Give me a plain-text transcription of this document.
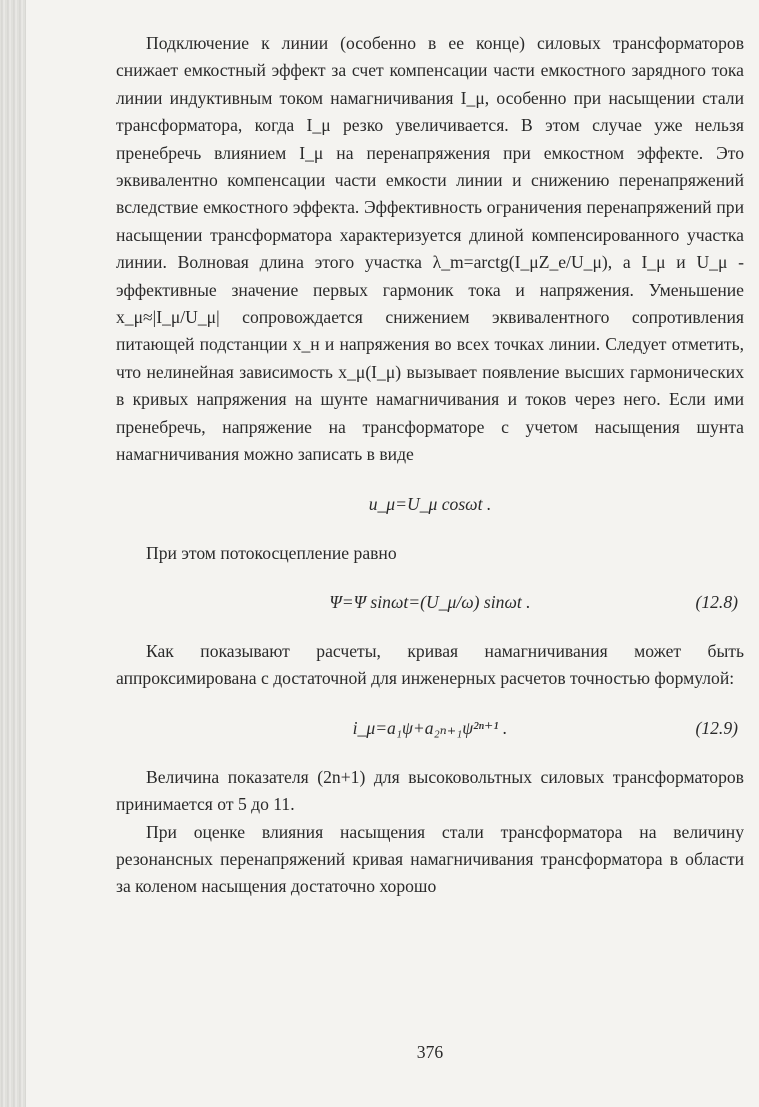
Подключение к линии (особенно в ее конце) силовых трансформаторов снижает емкостный эффект за счет компенсации части емкостного зарядного тока линии индуктивным током намагничивания I_μ, особенно при насыщении стали трансформатора, когда I_μ резко увеличивается. В этом случае уже нельзя пренебречь влиянием I_μ на перенапряжения при емкостном эффекте. Это эквивалентно компенсации части емкости линии и снижению перенапряжений вследствие емкостного эффекта. Эффективность ограничения перенапряжений при насыщении трансформатора характеризуется длиной компенсированного участка линии. Волновая длина этого участка λ_m=arctg(I_μZ_e/U_μ), а I_μ и U_μ - эффективные значение первых гармоник тока и напряжения. Уменьшение x_μ≈|I_μ/U_μ| сопровождается снижением эквивалентного сопротивления питающей подстанции x_н и напряжения во всех точках линии. Следует отметить, что нелинейная зависимость x_μ(I_μ) вызывает появление высших гармонических в кривых напряжения на шунте намагничивания и токов через него. Если ими пренебречь, напряжение на трансформаторе с учетом насыщения шунта намагничивания можно записать в виде

u_μ=U_μ cosωt .

При этом потокосцепление равно

Ψ=Ψ sinωt=(U_μ/ω) sinωt .	(12.8)

Как показывают расчеты, кривая намагничивания может быть аппроксимирована с достаточной для инженерных расчетов точностью формулой:

i_μ=a₁ψ+a₂ₙ₊₁ψ²ⁿ⁺¹ .	(12.9)

Величина показателя (2n+1) для высоковольтных силовых трансформаторов принимается от 5 до 11.

При оценке влияния насыщения стали трансформатора на величину резонансных перенапряжений кривая намагничивания трансформатора в области за коленом насыщения достаточно хорошо

376
